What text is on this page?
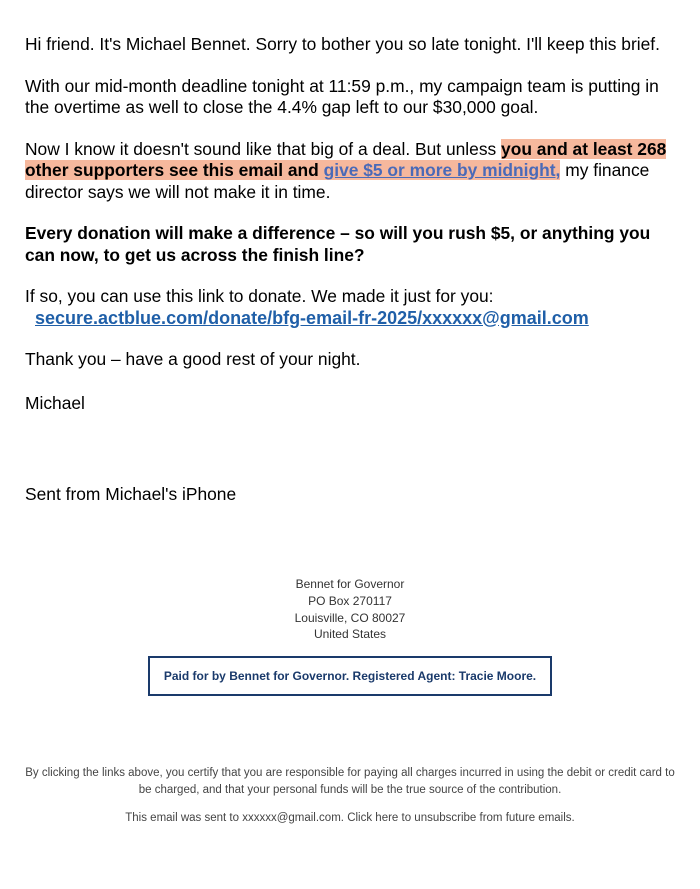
Hi friend. It's Michael Bennet. Sorry to bother you so late tonight. I'll keep this brief.

With our mid-month deadline tonight at 11:59 p.m., my campaign team is putting in the overtime as well to close the 4.4% gap left to our $30,000 goal.

Now I know it doesn't sound like that big of a deal. But unless you and at least 268 other supporters see this email and give $5 or more by midnight, my finance director says we will not make it in time.

Every donation will make a difference – so will you rush $5, or anything you can now, to get us across the finish line?

If so, you can use this link to donate. We made it just for you:
secure.actblue.com/donate/bfg-email-fr-2025/xxxxxx@gmail.com

Thank you – have a good rest of your night.

Michael

Sent from Michael's iPhone

Bennet for Governor
PO Box 270117
Louisville, CO 80027
United States
Paid for by Bennet for Governor. Registered Agent: Tracie Moore.
By clicking the links above, you certify that you are responsible for paying all charges incurred in using the debit or credit card to be charged, and that your personal funds will be the true source of the contribution.
This email was sent to xxxxxx@gmail.com. Click here to unsubscribe from future emails.
